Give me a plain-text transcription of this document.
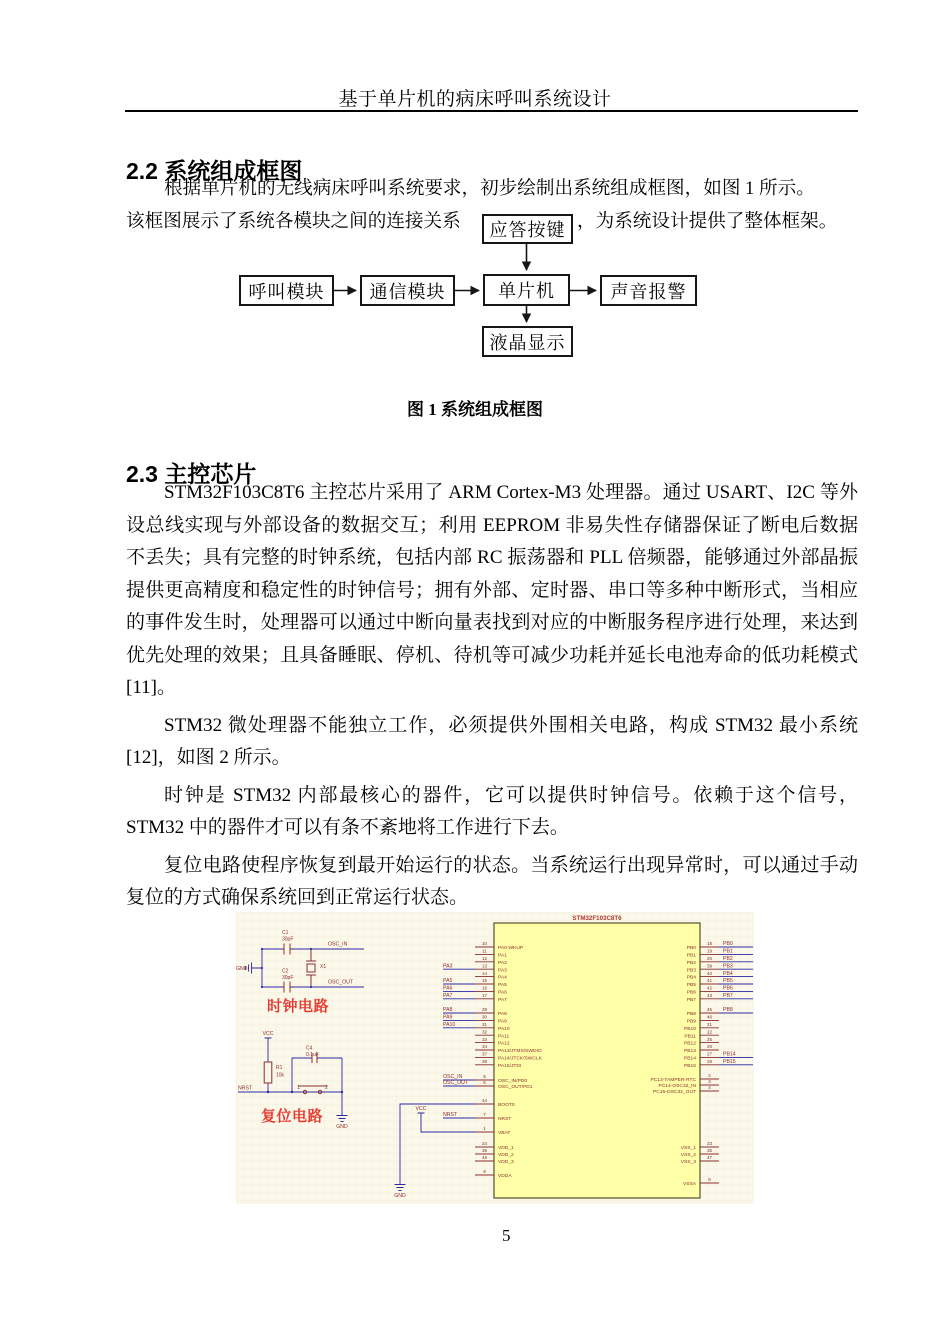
基于单片机的病床呼叫系统设计
2.2 系统组成框图
根据单片机的无线病床呼叫系统要求，初步绘制出系统组成框图，如图 1 所示。
该框图展示了系统各模块之间的连接关系	，为系统设计提供了整体框架。
应答按键
呼叫模块	通信模块	单片机	声音报警
液晶显示
图 1 系统组成框图
2.3 主控芯片

STM32F103C8T6 主控芯片采用了 ARM Cortex-M3 处理器。通过 USART、I2C 等外设总线实现与外部设备的数据交互；利用 EEPROM 非易失性存储器保证了断电后数据不丢失；具有完整的时钟系统，包括内部 RC 振荡器和 PLL 倍频器，能够通过外部晶振提供更高精度和稳定性的时钟信号；拥有外部、定时器、串口等多种中断形式，当相应的事件发生时，处理器可以通过中断向量表找到对应的中断服务程序进行处理，来达到优先处理的效果；且具备睡眠、停机、待机等可减少功耗并延长电池寿命的低功耗模式[11]。

STM32 微处理器不能独立工作，必须提供外围相关电路，构成 STM32 最小系统[12]，如图 2 所示。

时钟是 STM32 内部最核心的器件，它可以提供时钟信号。依赖于这个信号，STM32 中的器件才可以有条不紊地将工作进行下去。

复位电路使程序恢复到最开始运行的状态。当系统运行出现异常时，可以通过手动复位的方式确保系统回到正常运行状态。

STM32F103C8T6
10
PA0-WKUP
11
PA1
12
PA2
13
PA3
PA3
14
PA4
15
PA5
PA5
16
PA6
PA6
17
PA7
PA7
29
PA8
PA8
30
PA9
PA9
31
PA10
PA10
32
PA11
33
PA12
34
PA13/JTMS/SWDIO
37
PA14/JTCK/SWCLK
38
PA15/JTDI
5
OSC_IN/PD0
OSC_IN
6
OSC_OUT/PD1
OSC_OUT
44
BOOT0
7
NRST
NRST
1
VBAT
24
VDD_1
36
VDD_2
48
VDD_3
9
VDDA
18
PB0
PB0
19
PB1
PB1
20
PB2
PB2
39
PB3
PB3
40
PB4
PB4
41
PB5
PB5
42
PB6
PB6
43
PB7
PB7
45
PB8
PB8
46
PB9 21
PB10 22
PB11 25
PB12 26
PB13 27
PB14
PB14
28
PB15
PB15
2
PC13-TAMPER-RTC	3
PC14-OSC32_IN	4
PC15-OSC32_OUT
23
VSS_1 35
VSS_2 47
VSS_3
8
VSSA
GND
C1
30pF
C2
30pF
X1
OSC_IN
OSC_OUT
时钟电路
VCC
R1
10k
NRST
C4
0.1uF
1	2
GND
复位电路
GND
VCC
5
